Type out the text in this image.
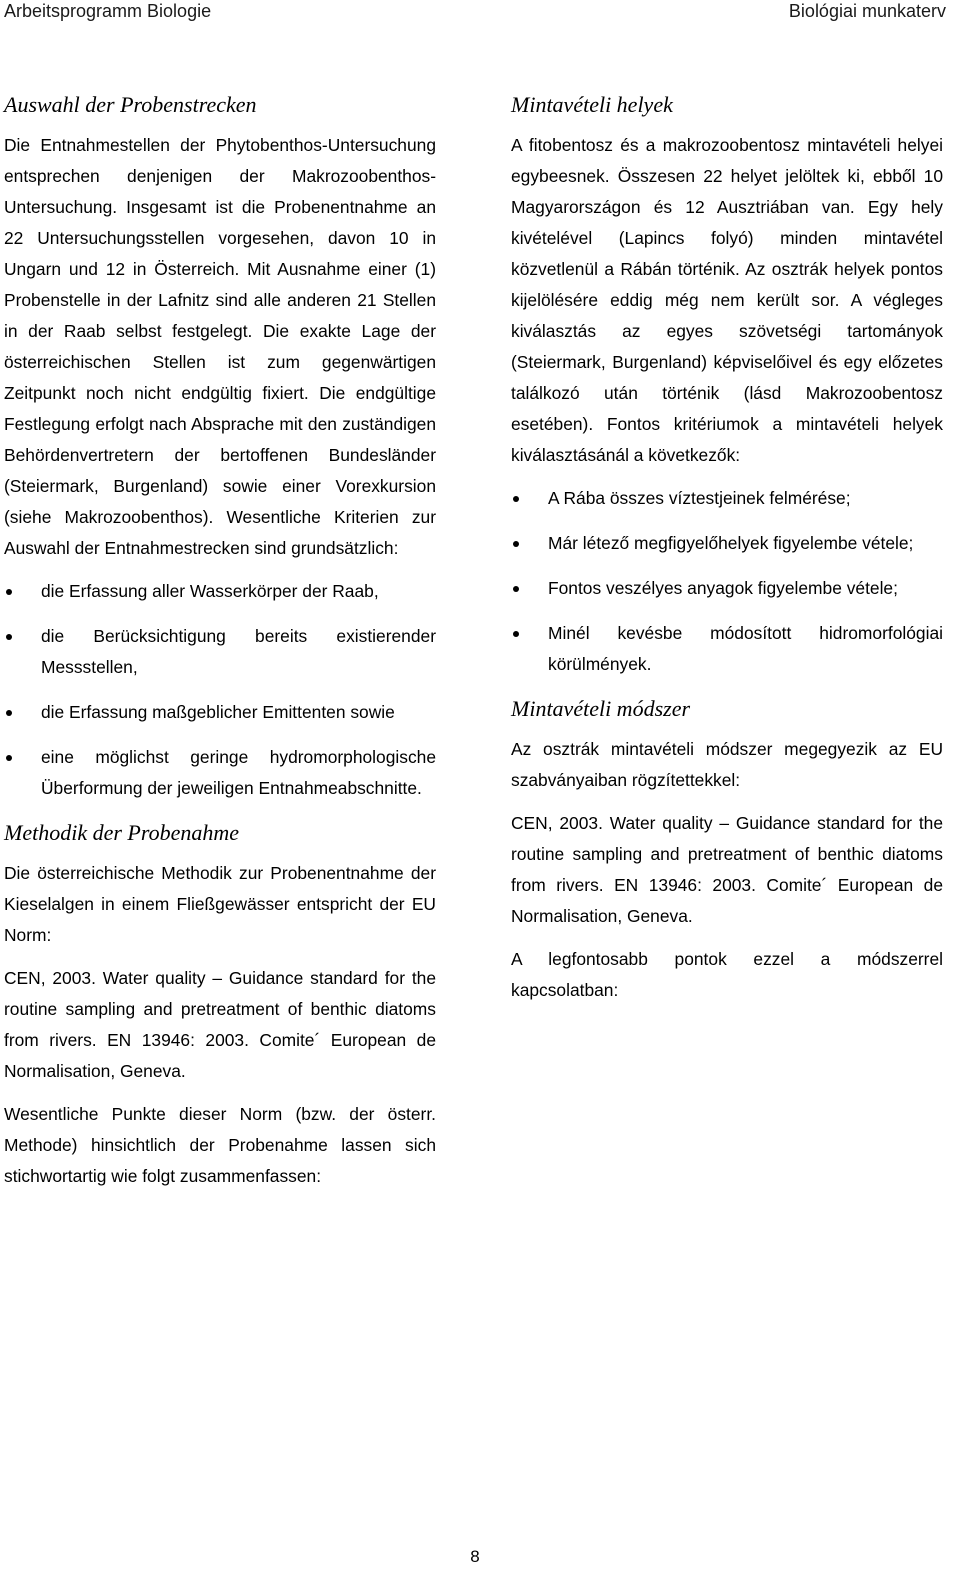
Arbeitsprogramm Biologie	Biológiai munkaterv
Auswahl der Probenstrecken

Die Entnahmestellen der Phytobenthos-Untersuchung entsprechen denjenigen der Makrozoobenthos-Untersuchung. Insgesamt ist die Probenentnahme an 22 Untersuchungsstellen vorgesehen, davon 10 in Ungarn und 12 in Österreich. Mit Ausnahme einer (1) Probenstelle in der Lafnitz sind alle anderen 21 Stellen in der Raab selbst festgelegt. Die exakte Lage der österreichischen Stellen ist zum gegenwärtigen Zeitpunkt noch nicht endgültig fixiert. Die endgültige Festlegung erfolgt nach Absprache mit den zuständigen Behördenvertretern der bertoffenen Bundesländer (Steiermark, Burgenland) sowie einer Vorexkursion (siehe Makrozoobenthos). Wesentliche Kriterien zur Auswahl der Entnahmestrecken sind grundsätzlich:

die Erfassung aller Wasserkörper der Raab,
die Berücksichtigung bereits existierender Messstellen,
die Erfassung maßgeblicher Emittenten sowie
eine möglichst geringe hydromorphologische Überformung der jeweiligen Entnahmeabschnitte.
Methodik der Probenahme

Die österreichische Methodik zur Probenentnahme der Kieselalgen in einem Fließgewässer entspricht der EU Norm:

CEN, 2003. Water quality – Guidance standard for the routine sampling and pretreatment of benthic diatoms from rivers. EN 13946: 2003. Comite´ European de Normalisation, Geneva.

Wesentliche Punkte dieser Norm (bzw. der österr. Methode) hinsichtlich der Probenahme lassen sich stichwortartig wie folgt zusammenfassen:

Mintavételi helyek

A fitobentosz és a makrozoobentosz mintavételi helyei egybeesnek. Összesen 22 helyet jelöltek ki, ebből 10 Magyarországon és 12 Ausztriában van. Egy hely kivételével (Lapincs folyó) minden mintavétel közvetlenül a Rábán történik. Az osztrák helyek pontos kijelölésére eddig még nem került sor. A végleges kiválasztás az egyes szövetségi tartományok (Steiermark, Burgenland) képviselőivel és egy előzetes találkozó után történik (lásd Makrozoobentosz esetében). Fontos kritériumok a mintavételi helyek kiválasztásánál a következők:

A Rába összes víztestjeinek felmérése;
Már létező megfigyelőhelyek figyelembe vétele;
Fontos veszélyes anyagok figyelembe vétele;
Minél kevésbe módosított hidromorfológiai körülmények.
Mintavételi módszer

Az osztrák mintavételi módszer megegyezik az EU szabványaiban rögzítettekkel:

CEN, 2003. Water quality – Guidance standard for the routine sampling and pretreatment of benthic diatoms from rivers. EN 13946: 2003. Comite´ European de Normalisation, Geneva.

A legfontosabb pontok ezzel a módszerrel kapcsolatban:

8
